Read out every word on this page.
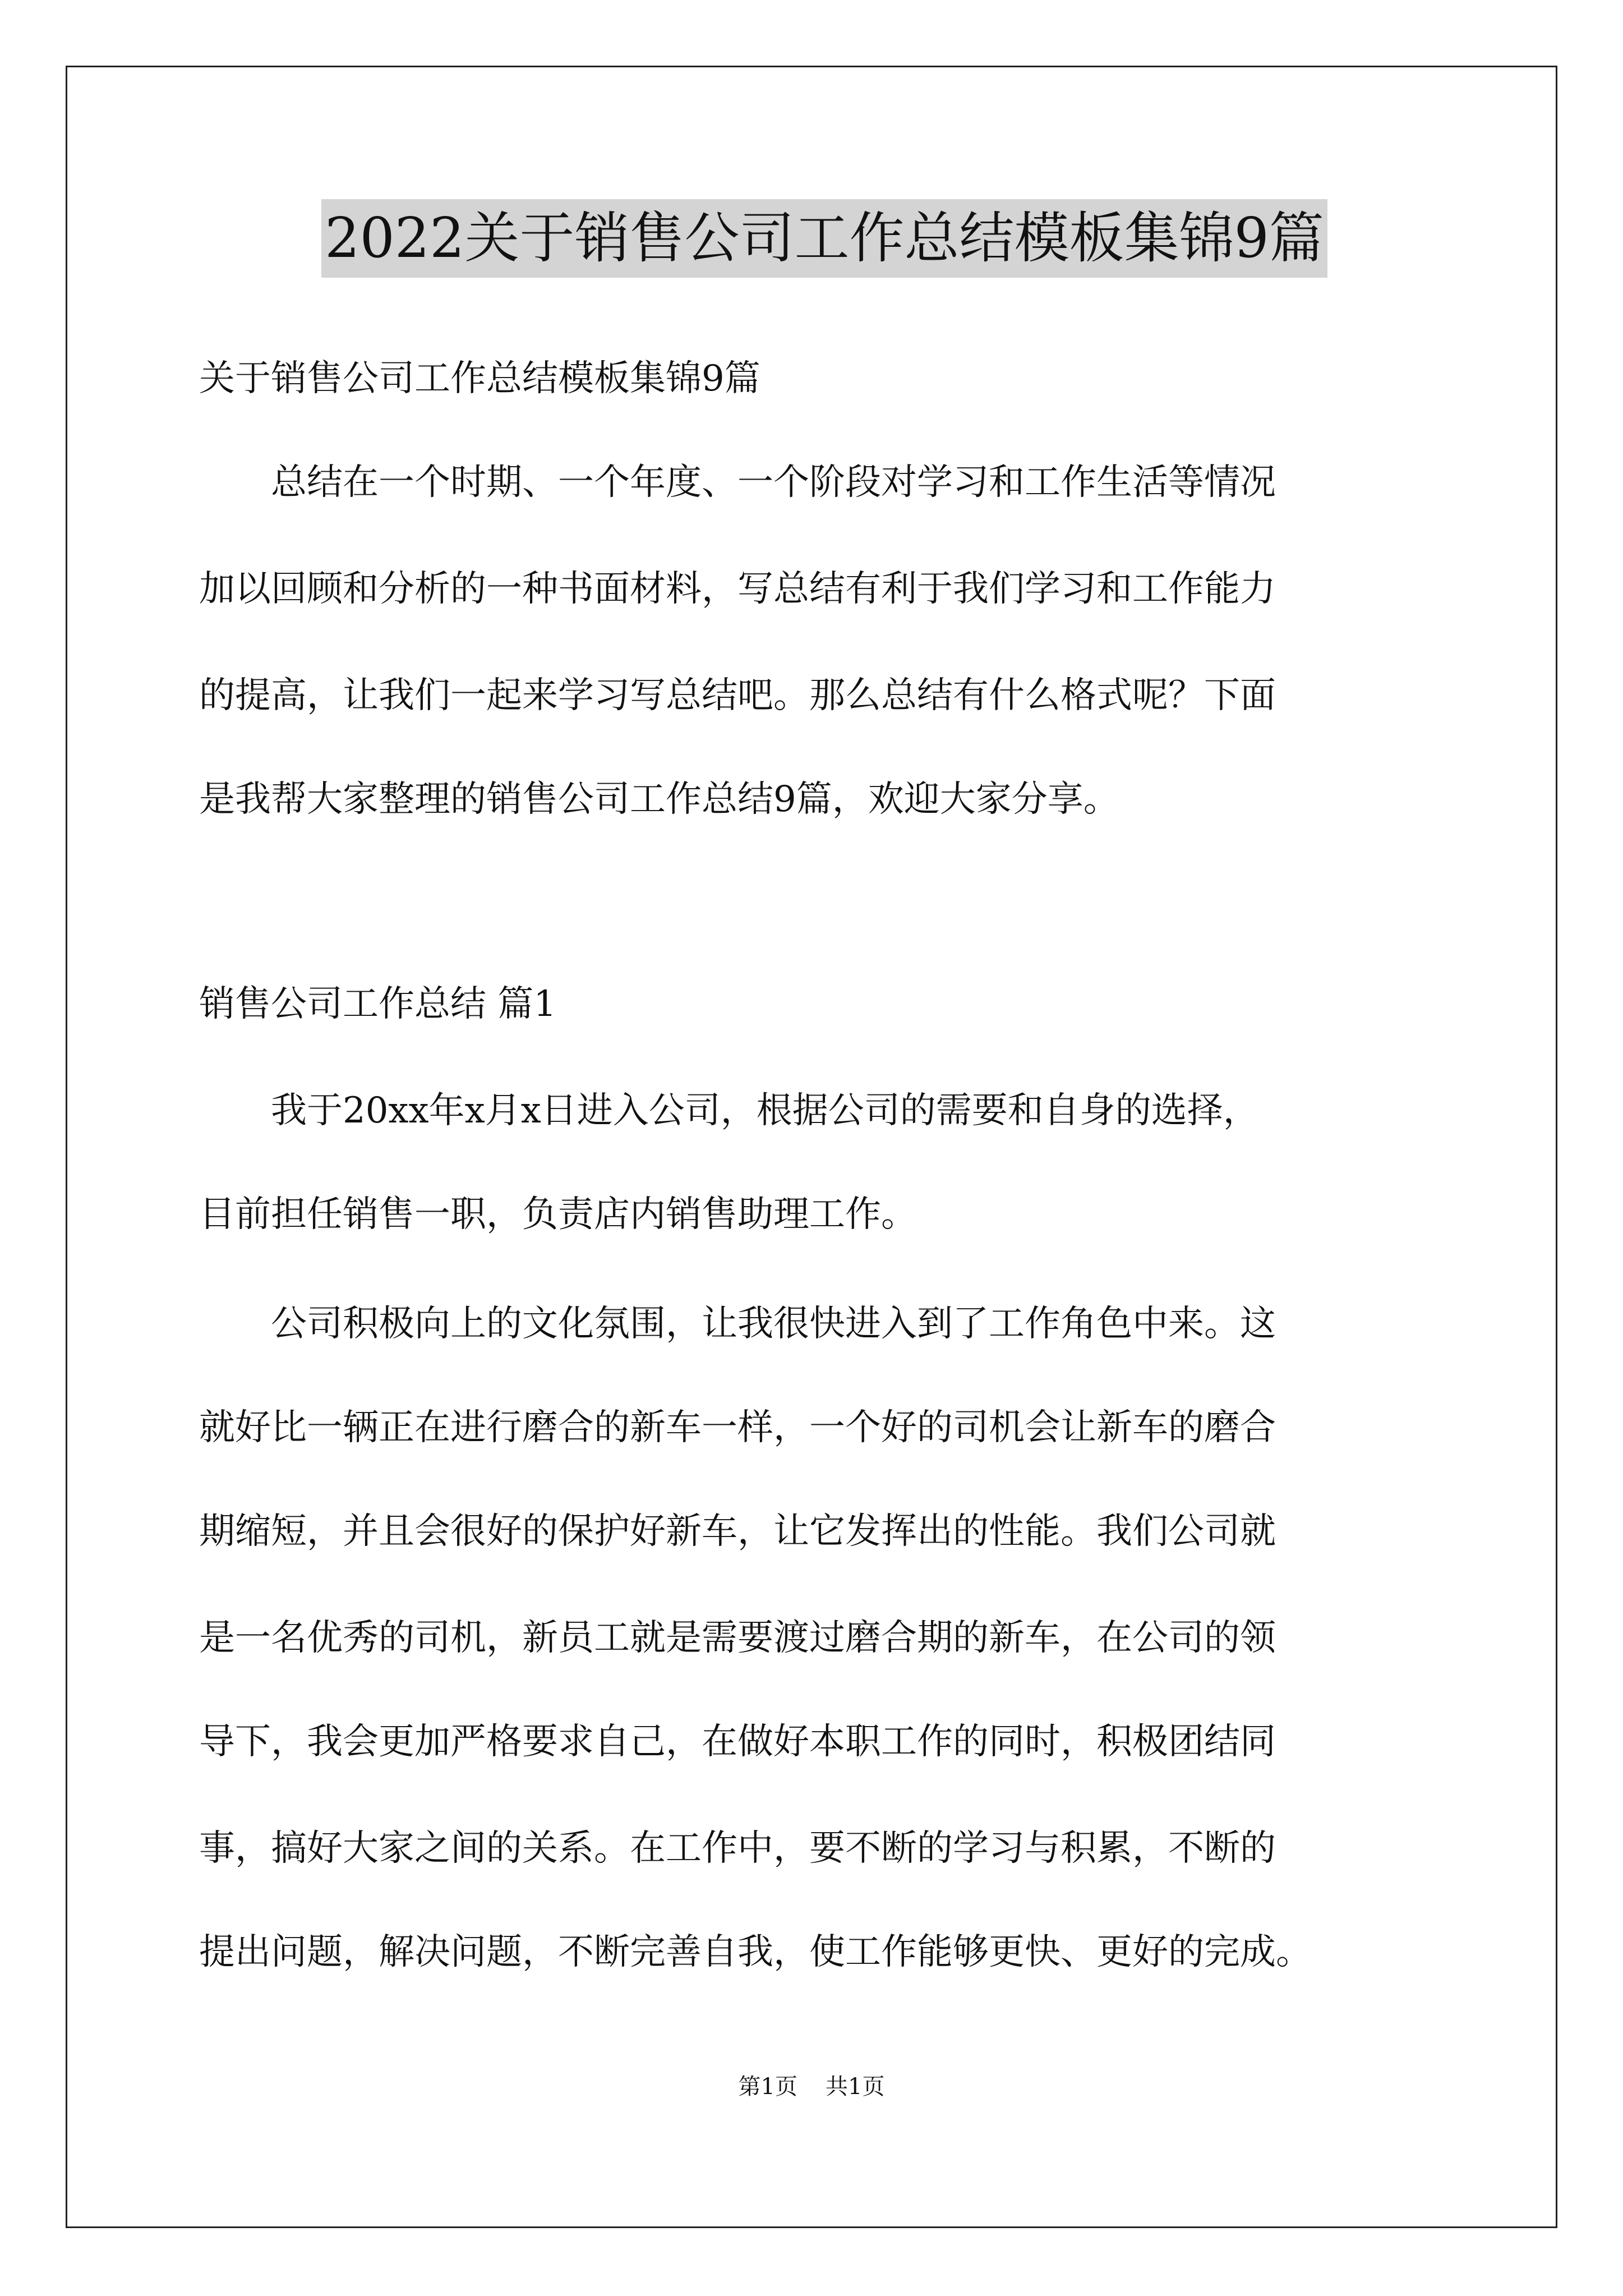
2022关于销售公司工作总结模板集锦9篇
关于销售公司工作总结模板集锦9篇
总结在一个时期、一个年度、一个阶段对学习和工作生活等情况
加以回顾和分析的一种书面材料，写总结有利于我们学习和工作能力
的提高，让我们一起来学习写总结吧。那么总结有什么格式呢？下面
是我帮大家整理的销售公司工作总结9篇，欢迎大家分享。
销售公司工作总结 篇1
我于20xx年x月x日进入公司，根据公司的需要和自身的选择，
目前担任销售一职，负责店内销售助理工作。
公司积极向上的文化氛围，让我很快进入到了工作角色中来。这
就好比一辆正在进行磨合的新车一样，一个好的司机会让新车的磨合
期缩短，并且会很好的保护好新车，让它发挥出的性能。我们公司就
是一名优秀的司机，新员工就是需要渡过磨合期的新车，在公司的领
导下，我会更加严格要求自己，在做好本职工作的同时，积极团结同
事，搞好大家之间的关系。在工作中，要不断的学习与积累，不断的
提出问题，解决问题，不断完善自我，使工作能够更快、更好的完成。
第1页 共1页
